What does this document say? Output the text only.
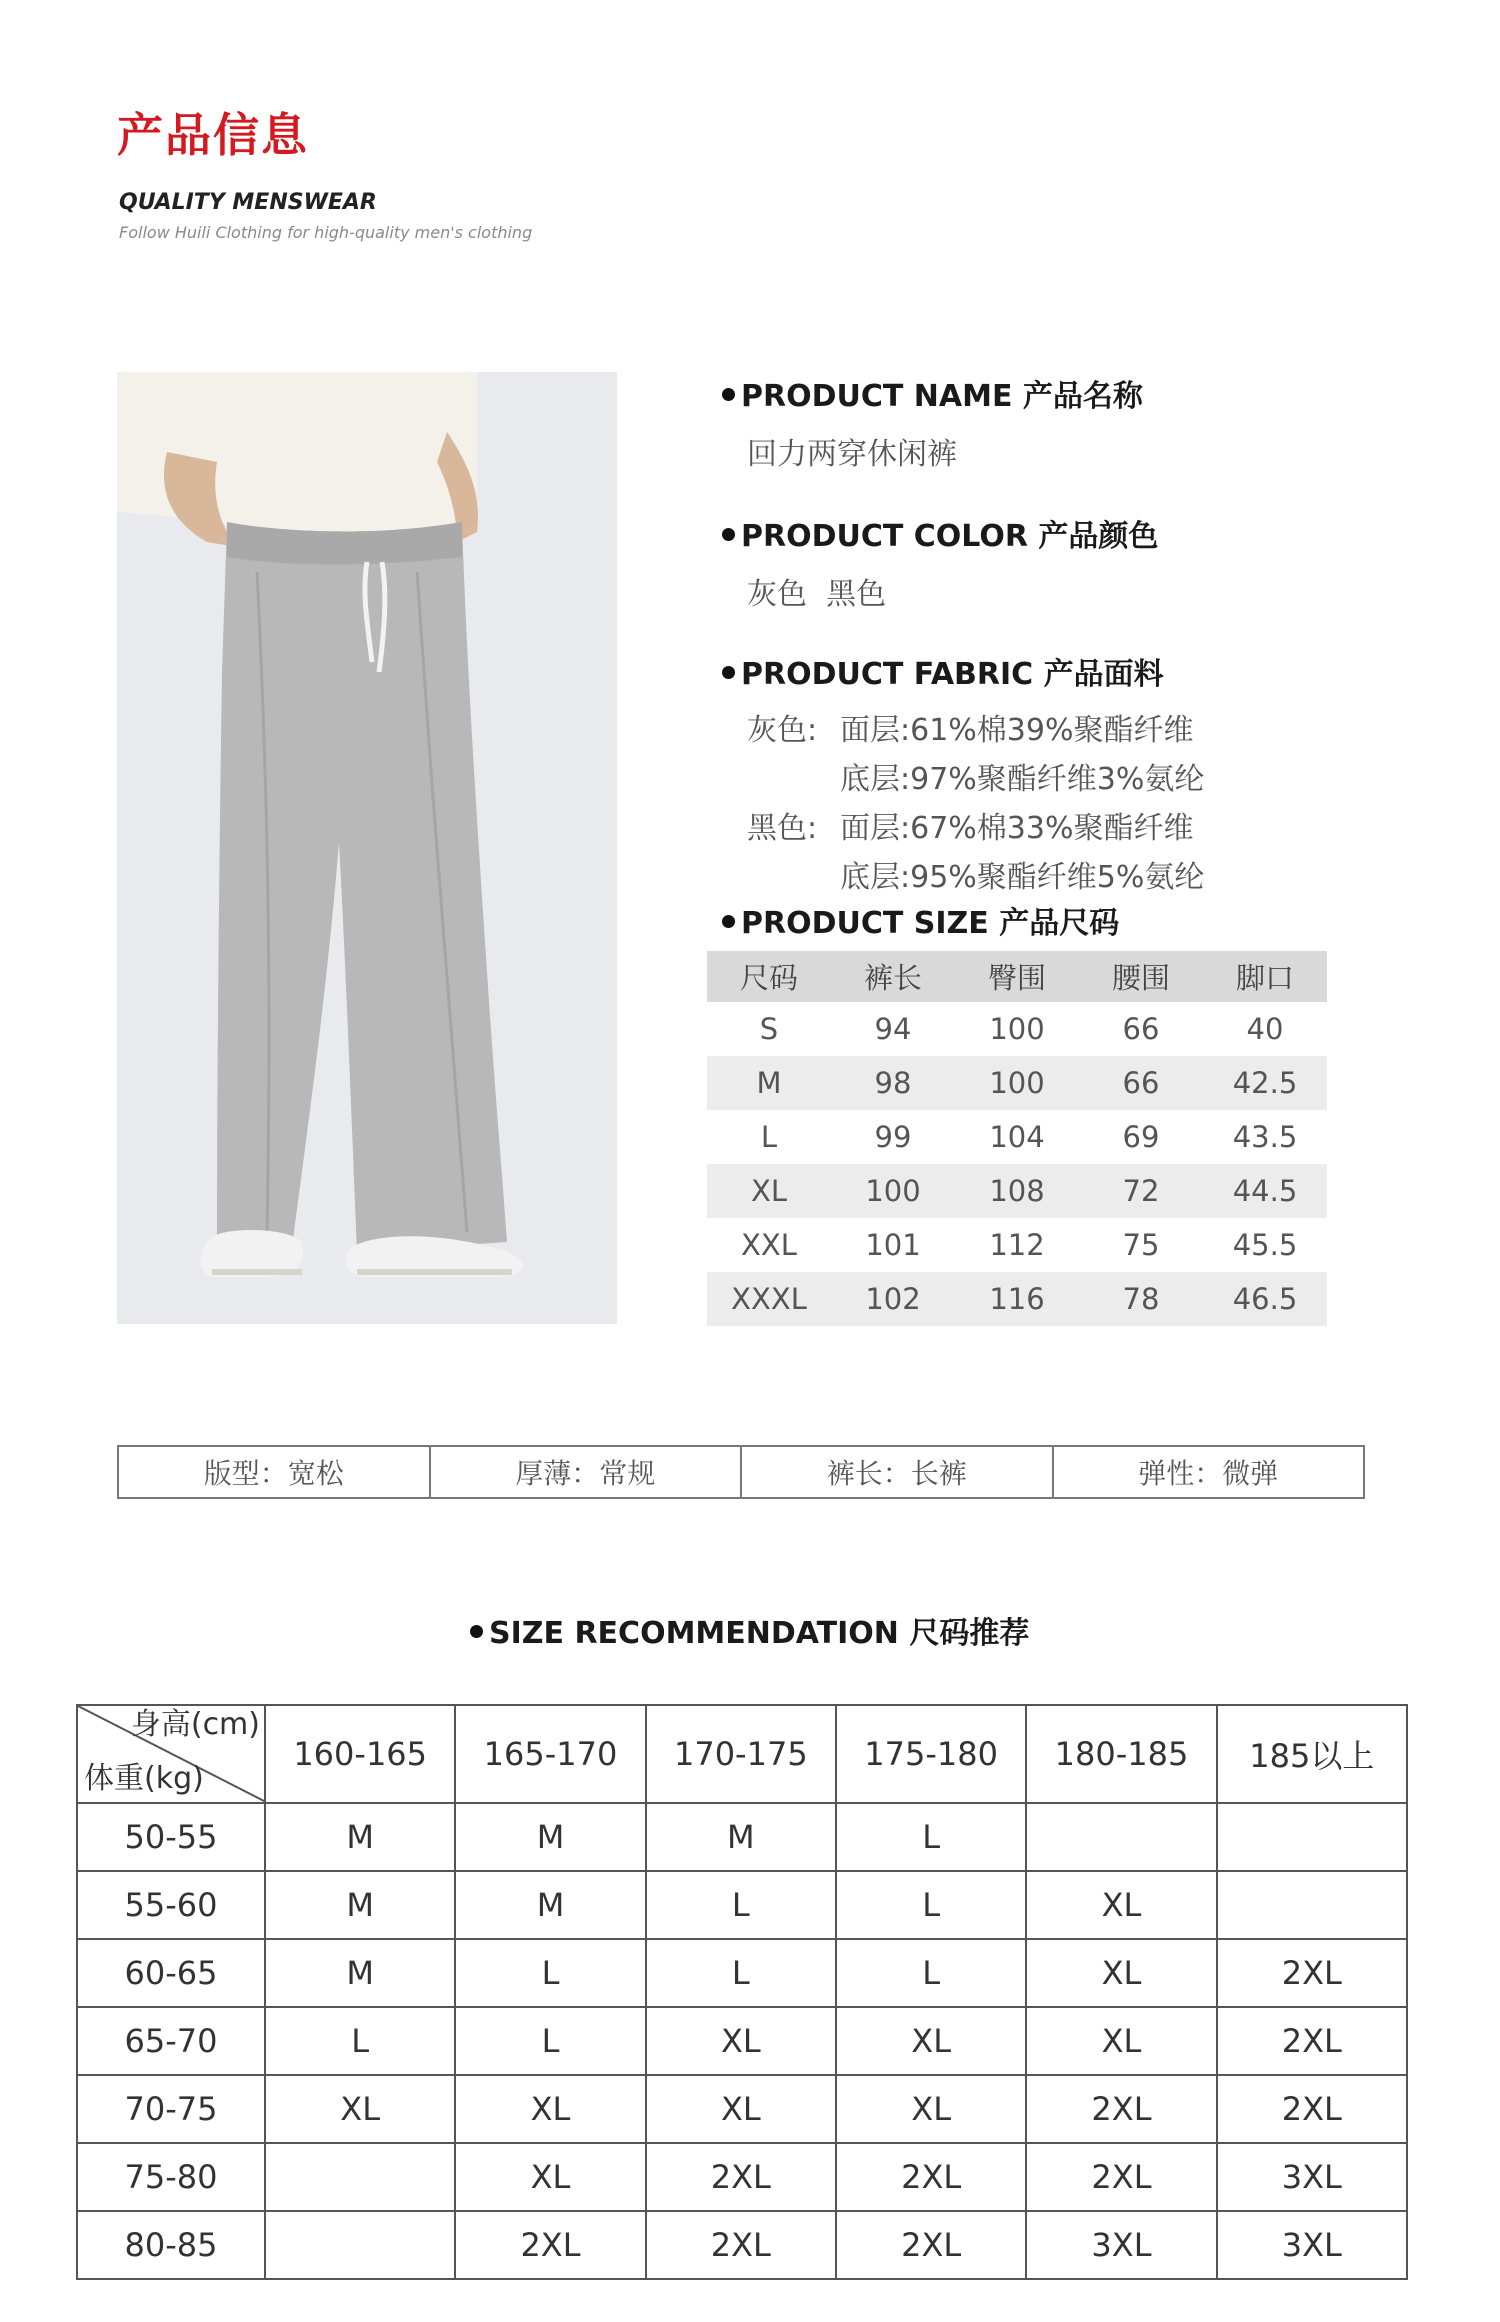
产品信息
QUALITY MENSWEAR
Follow Huili Clothing for high-quality men's clothing
PRODUCT NAME 产品名称
回力两穿休闲裤
PRODUCT COLOR 产品颜色
灰色  黑色
PRODUCT FABRIC 产品面料
灰色: 面层:61%棉39%聚酯纤维
底层:97%聚酯纤维3%氨纶
黑色: 面层:67%棉33%聚酯纤维
底层:95%聚酯纤维5%氨纶
PRODUCT SIZE 产品尺码
尺码	裤长	臀围	腰围	脚口
S	94	100	66	40
M	98	100	66	42.5
L	99	104	69	43.5
XL	100	108	72	44.5
XXL	101	112	75	45.5
XXXL	102	116	78	46.5
版型：宽松	厚薄：常规	裤长：长裤	弹性：微弹
SIZE RECOMMENDATION 尺码推荐
身高(cm)
体重(kg)	160-165	165-170	170-175	175-180	180-185	185以上
50-55	M	M	M	L		
55-60	M	M	L	L	XL	
60-65	M	L	L	L	XL	2XL
65-70	L	L	XL	XL	XL	2XL
70-75	XL	XL	XL	XL	2XL	2XL
75-80		XL	2XL	2XL	2XL	3XL
80-85		2XL	2XL	2XL	3XL	3XL
